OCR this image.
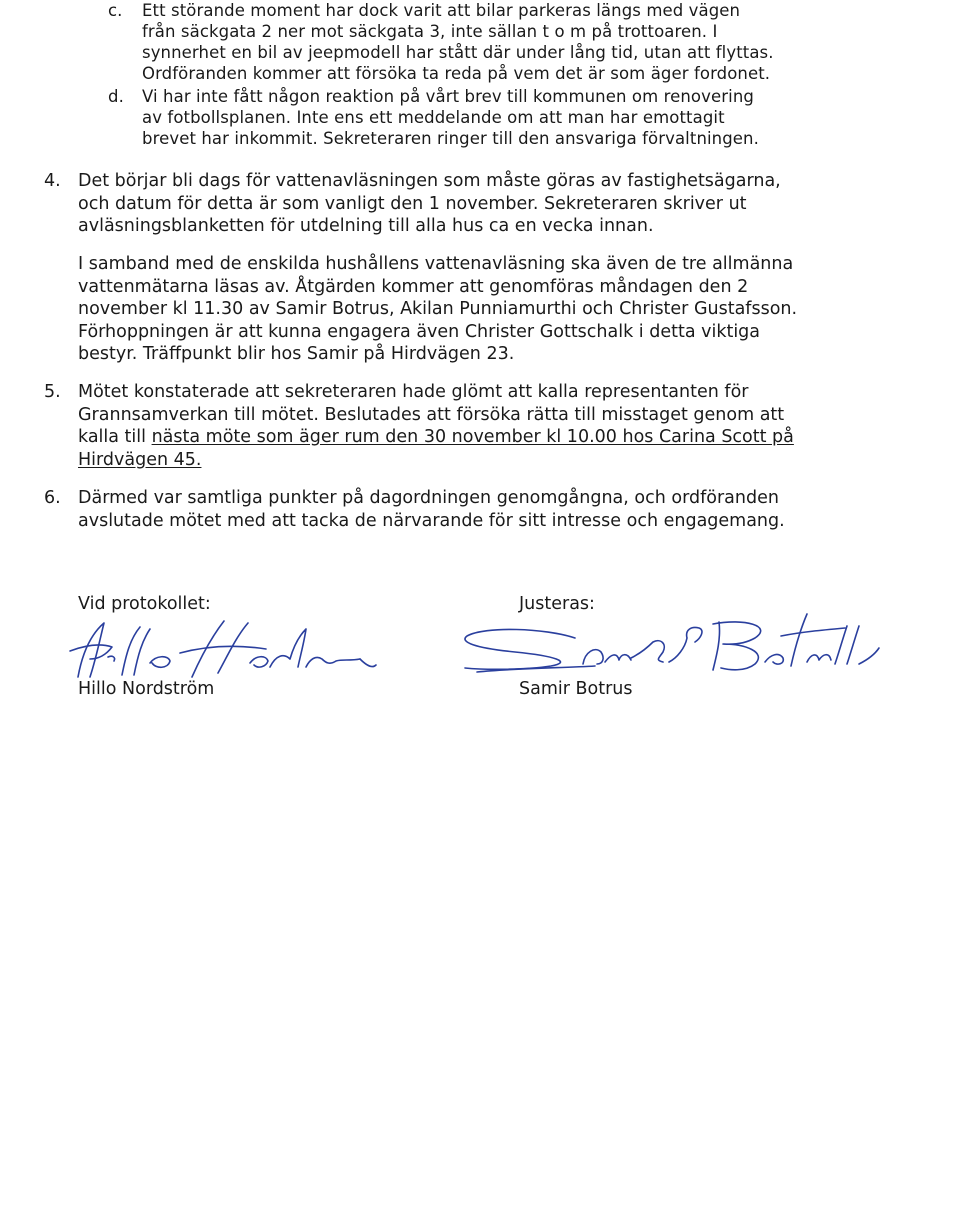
c.	Ett störande moment har dock varit att bilar parkeras längs med vägen
från säckgata 2 ner mot säckgata 3, inte sällan t o m på trottoaren. I
synnerhet en bil av jeepmodell har stått där under lång tid, utan att flyttas.
Ordföranden kommer att försöka ta reda på vem det är som äger fordonet.
d.	Vi har inte fått någon reaktion på vårt brev till kommunen om renovering
av fotbollsplanen. Inte ens ett meddelande om att man har emottagit
brevet har inkommit. Sekreteraren ringer till den ansvariga förvaltningen.
4. Det börjar bli dags för vattenavläsningen som måste göras av fastighetsägarna,
och datum för detta är som vanligt den 1 november. Sekreteraren skriver ut
avläsningsblanketten för utdelning till alla hus ca en vecka innan.
I samband med de enskilda hushållens vattenavläsning ska även de tre allmänna
vattenmätarna läsas av. Åtgärden kommer att genomföras måndagen den 2
november kl 11.30 av Samir Botrus, Akilan Punniamurthi och Christer Gustafsson.
Förhoppningen är att kunna engagera även Christer Gottschalk i detta viktiga
bestyr. Träffpunkt blir hos Samir på Hirdvägen 23.
5. Mötet konstaterade att sekreteraren hade glömt att kalla representanten för
Grannsamverkan till mötet. Beslutades att försöka rätta till misstaget genom att
kalla till nästa möte som äger rum den 30 november kl 10.00 hos Carina Scott på
Hirdvägen 45.
6. Därmed var samtliga punkter på dagordningen genomgångna, och ordföranden
avslutade mötet med att tacka de närvarande för sitt intresse och engagemang.
Vid protokollet:	Justeras:
Hillo Nordström	Samir Botrus
